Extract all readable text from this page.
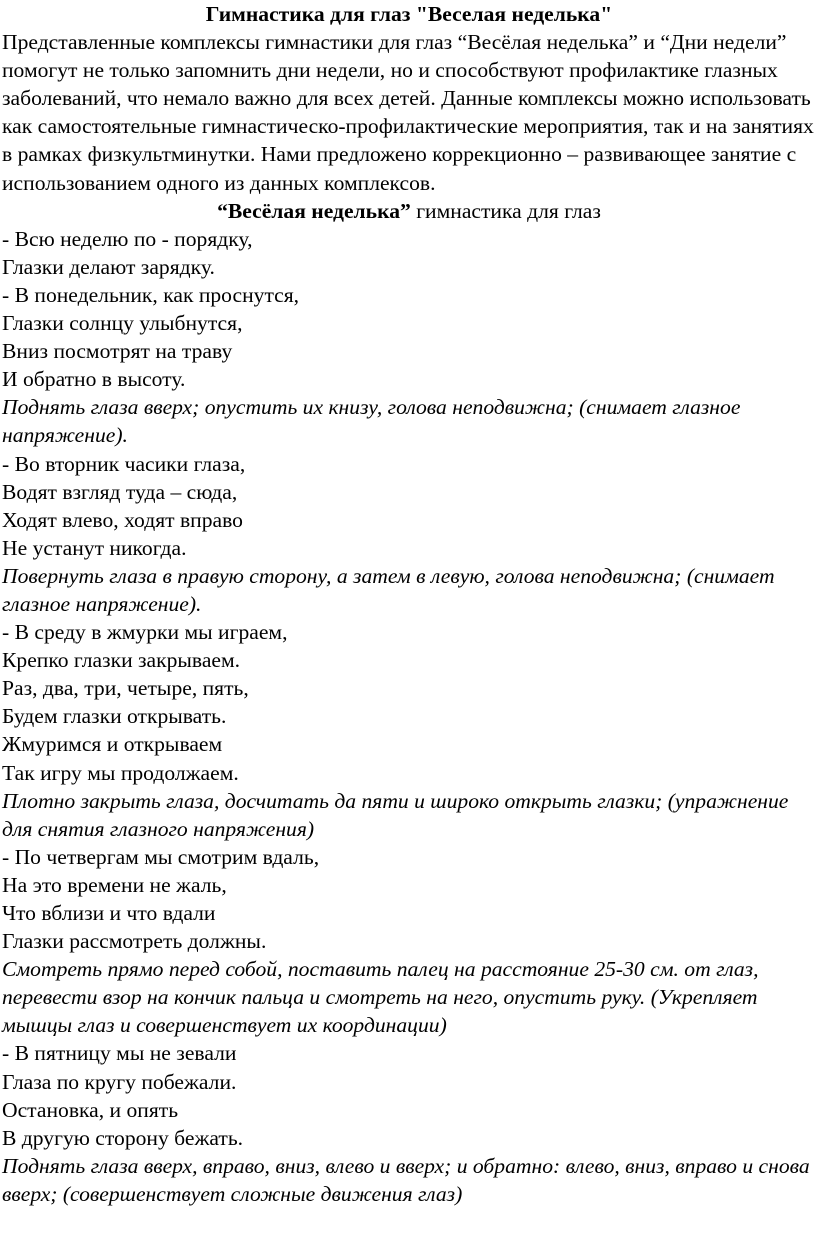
Гимнастика для глаз "Веселая неделька"

Представленные комплексы гимнастики для глаз “Весёлая неделька” и “Дни недели” помогут не только запомнить дни недели, но и способствуют профилактике глазных заболеваний, что немало важно для всех детей. Данные комплексы можно использовать как самостоятельные гимнастическо-профилактические мероприятия, так и на занятиях в рамках физкультминутки. Нами предложено коррекционно – развивающее занятие с использованием одного из данных комплексов.

“Весёлая неделька” гимнастика для глаз

- Всю неделю по - порядку,

Глазки делают зарядку.

- В понедельник, как проснутся,

Глазки солнцу улыбнутся,

Вниз посмотрят на траву

И обратно в высоту.

Поднять глаза вверх; опустить их книзу, голова неподвижна; (снимает глазное напряжение).

- Во вторник часики глаза,

Водят взгляд туда – сюда,

Ходят влево, ходят вправо

Не устанут никогда.

Повернуть глаза в правую сторону, а затем в левую, голова неподвижна; (снимает глазное напряжение).

- В среду в жмурки мы играем,

Крепко глазки закрываем.

Раз, два, три, четыре, пять,

Будем глазки открывать.

Жмуримся и открываем

Так игру мы продолжаем.

Плотно закрыть глаза, досчитать да пяти и широко открыть глазки; (упражнение для снятия глазного напряжения)

- По четвергам мы смотрим вдаль,

На это времени не жаль,

Что вблизи и что вдали

Глазки рассмотреть должны.

Смотреть прямо перед собой, поставить палец на расстояние 25-30 см. от глаз, перевести взор на кончик пальца и смотреть на него, опустить руку. (Укрепляет мышцы глаз и совершенствует их координации)

- В пятницу мы не зевали

Глаза по кругу побежали.

Остановка, и опять

В другую сторону бежать.

Поднять глаза вверх, вправо, вниз, влево и вверх; и обратно: влево, вниз, вправо и снова вверх; (совершенствует сложные движения глаз)
